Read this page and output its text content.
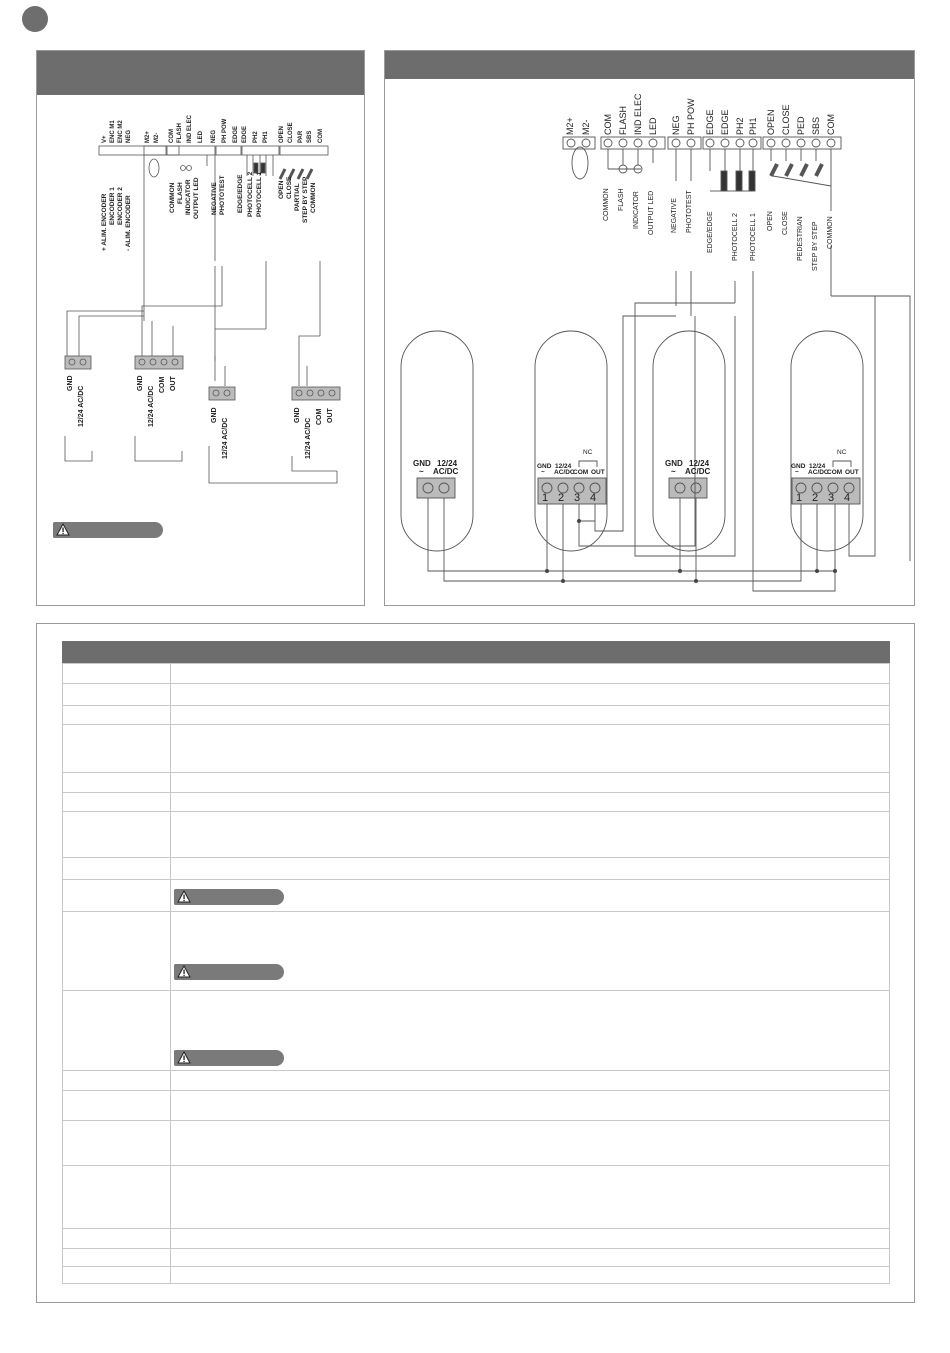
V+ ENC M1 ENC M2 NEG M2+ M2- COM FLASH IND ELEC LED NEG PH POW EDGE EDGE PH2 PH1 OPEN CLOSE PAR SBS COM
+ ALIM. ENCODER ENCODER 1 ENCODER 2 - ALIM. ENCODER	COMMON FLASH INDICATOR OUTPUT LED NEGATIVE PHOTOTEST EDGE/EDGE PHOTOCELL 2 PHOTOCELL 1 OPEN CLOSE PARTIAL STEP BY STEP COMMON
GND
12/24 AC/DC
GND
12/24 AC/DC
COM OUT
GND
12/24 AC/DC
GND
12/24 AC/DC
COM OUT
M2+ M2- COM FLASH IND ELEC LED NEG PH POW EDGE EDGE PH2 PH1 OPEN CLOSE PED SBS COM
COMMON FLASH INDICATOR OUTPUT LED NEGATIVE PHOTOTEST EDGE/EDGE	PHOTOCELL 2 PHOTOCELL 1 OPEN CLOSE PEDESTRIAN STEP BY STEP COMMON
GND 12/24
~ AC/DC
NC
GND 12/24
~ AC/DC
COM OUT
1 2 3 4
GND 12/24
~ AC/DC
NC
GND 12/24
~ AC/DC
COM OUT
1 2 3 4
